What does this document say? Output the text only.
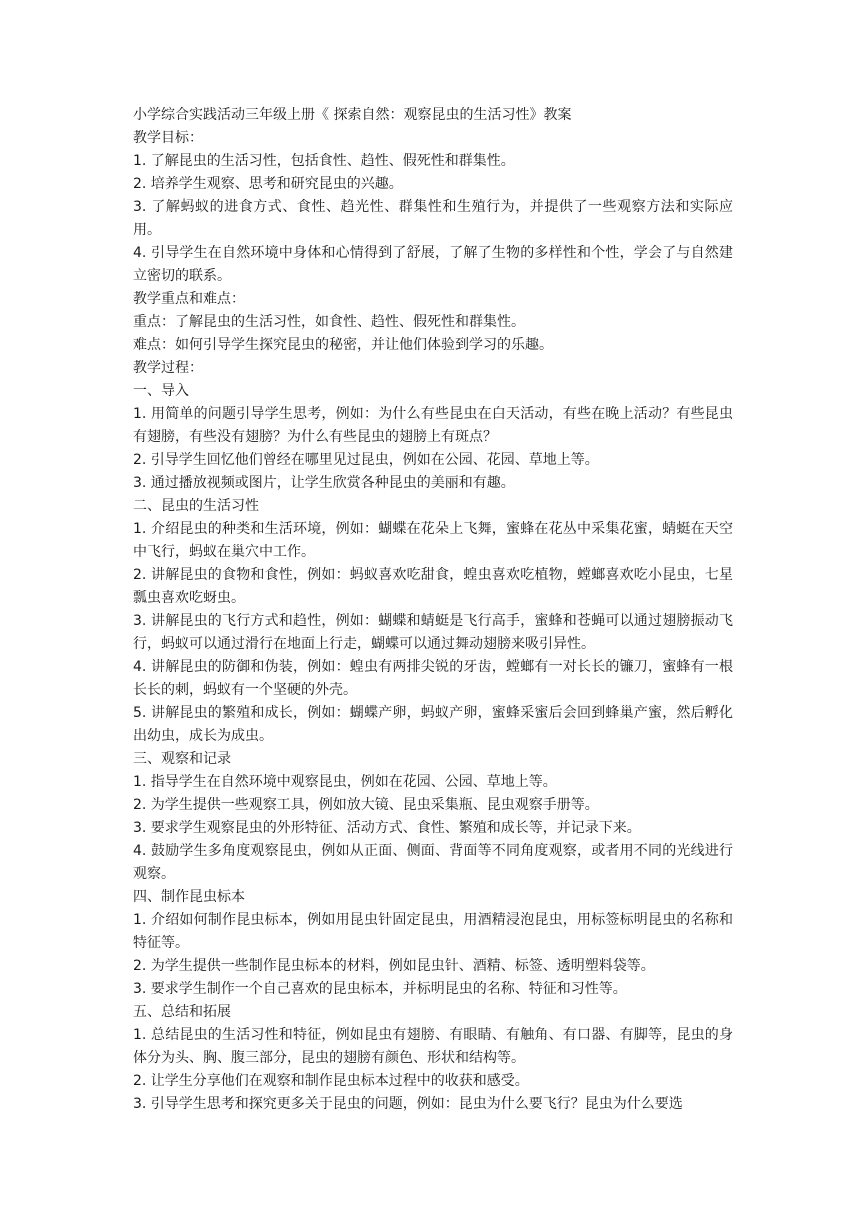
小学综合实践活动三年级上册《 探索自然：观察昆虫的生活习性》教案

教学目标：

1. 了解昆虫的生活习性，包括食性、趋性、假死性和群集性。

2. 培养学生观察、思考和研究昆虫的兴趣。

3. 了解蚂蚁的进食方式、食性、趋光性、群集性和生殖行为，并提供了一些观察方法和实际应用。

4. 引导学生在自然环境中身体和心情得到了舒展，了解了生物的多样性和个性，学会了与自然建立密切的联系。

教学重点和难点：

重点：了解昆虫的生活习性，如食性、趋性、假死性和群集性。

难点：如何引导学生探究昆虫的秘密，并让他们体验到学习的乐趣。

教学过程：

一、导入

1. 用简单的问题引导学生思考，例如：为什么有些昆虫在白天活动，有些在晚上活动？有些昆虫有翅膀，有些没有翅膀？为什么有些昆虫的翅膀上有斑点？

2. 引导学生回忆他们曾经在哪里见过昆虫，例如在公园、花园、草地上等。

3. 通过播放视频或图片，让学生欣赏各种昆虫的美丽和有趣。

二、昆虫的生活习性

1. 介绍昆虫的种类和生活环境，例如：蝴蝶在花朵上飞舞，蜜蜂在花丛中采集花蜜，蜻蜓在天空中飞行，蚂蚁在巢穴中工作。

2. 讲解昆虫的食物和食性，例如：蚂蚁喜欢吃甜食，蝗虫喜欢吃植物，螳螂喜欢吃小昆虫，七星瓢虫喜欢吃蚜虫。

3. 讲解昆虫的飞行方式和趋性，例如：蝴蝶和蜻蜓是飞行高手，蜜蜂和苍蝇可以通过翅膀振动飞行，蚂蚁可以通过滑行在地面上行走，蝴蝶可以通过舞动翅膀来吸引异性。

4. 讲解昆虫的防御和伪装，例如：蝗虫有两排尖锐的牙齿，螳螂有一对长长的镰刀，蜜蜂有一根长长的刺，蚂蚁有一个坚硬的外壳。

5. 讲解昆虫的繁殖和成长，例如：蝴蝶产卵，蚂蚁产卵，蜜蜂采蜜后会回到蜂巢产蜜，然后孵化出幼虫，成长为成虫。

三、观察和记录

1. 指导学生在自然环境中观察昆虫，例如在花园、公园、草地上等。

2. 为学生提供一些观察工具，例如放大镜、昆虫采集瓶、昆虫观察手册等。

3. 要求学生观察昆虫的外形特征、活动方式、食性、繁殖和成长等，并记录下来。

4. 鼓励学生多角度观察昆虫，例如从正面、侧面、背面等不同角度观察，或者用不同的光线进行观察。

四、制作昆虫标本

1. 介绍如何制作昆虫标本，例如用昆虫针固定昆虫，用酒精浸泡昆虫，用标签标明昆虫的名称和特征等。

2. 为学生提供一些制作昆虫标本的材料，例如昆虫针、酒精、标签、透明塑料袋等。

3. 要求学生制作一个自己喜欢的昆虫标本，并标明昆虫的名称、特征和习性等。

五、总结和拓展

1. 总结昆虫的生活习性和特征，例如昆虫有翅膀、有眼睛、有触角、有口器、有脚等，昆虫的身体分为头、胸、腹三部分，昆虫的翅膀有颜色、形状和结构等。

2. 让学生分享他们在观察和制作昆虫标本过程中的收获和感受。

3. 引导学生思考和探究更多关于昆虫的问题，例如：昆虫为什么要飞行？昆虫为什么要选
